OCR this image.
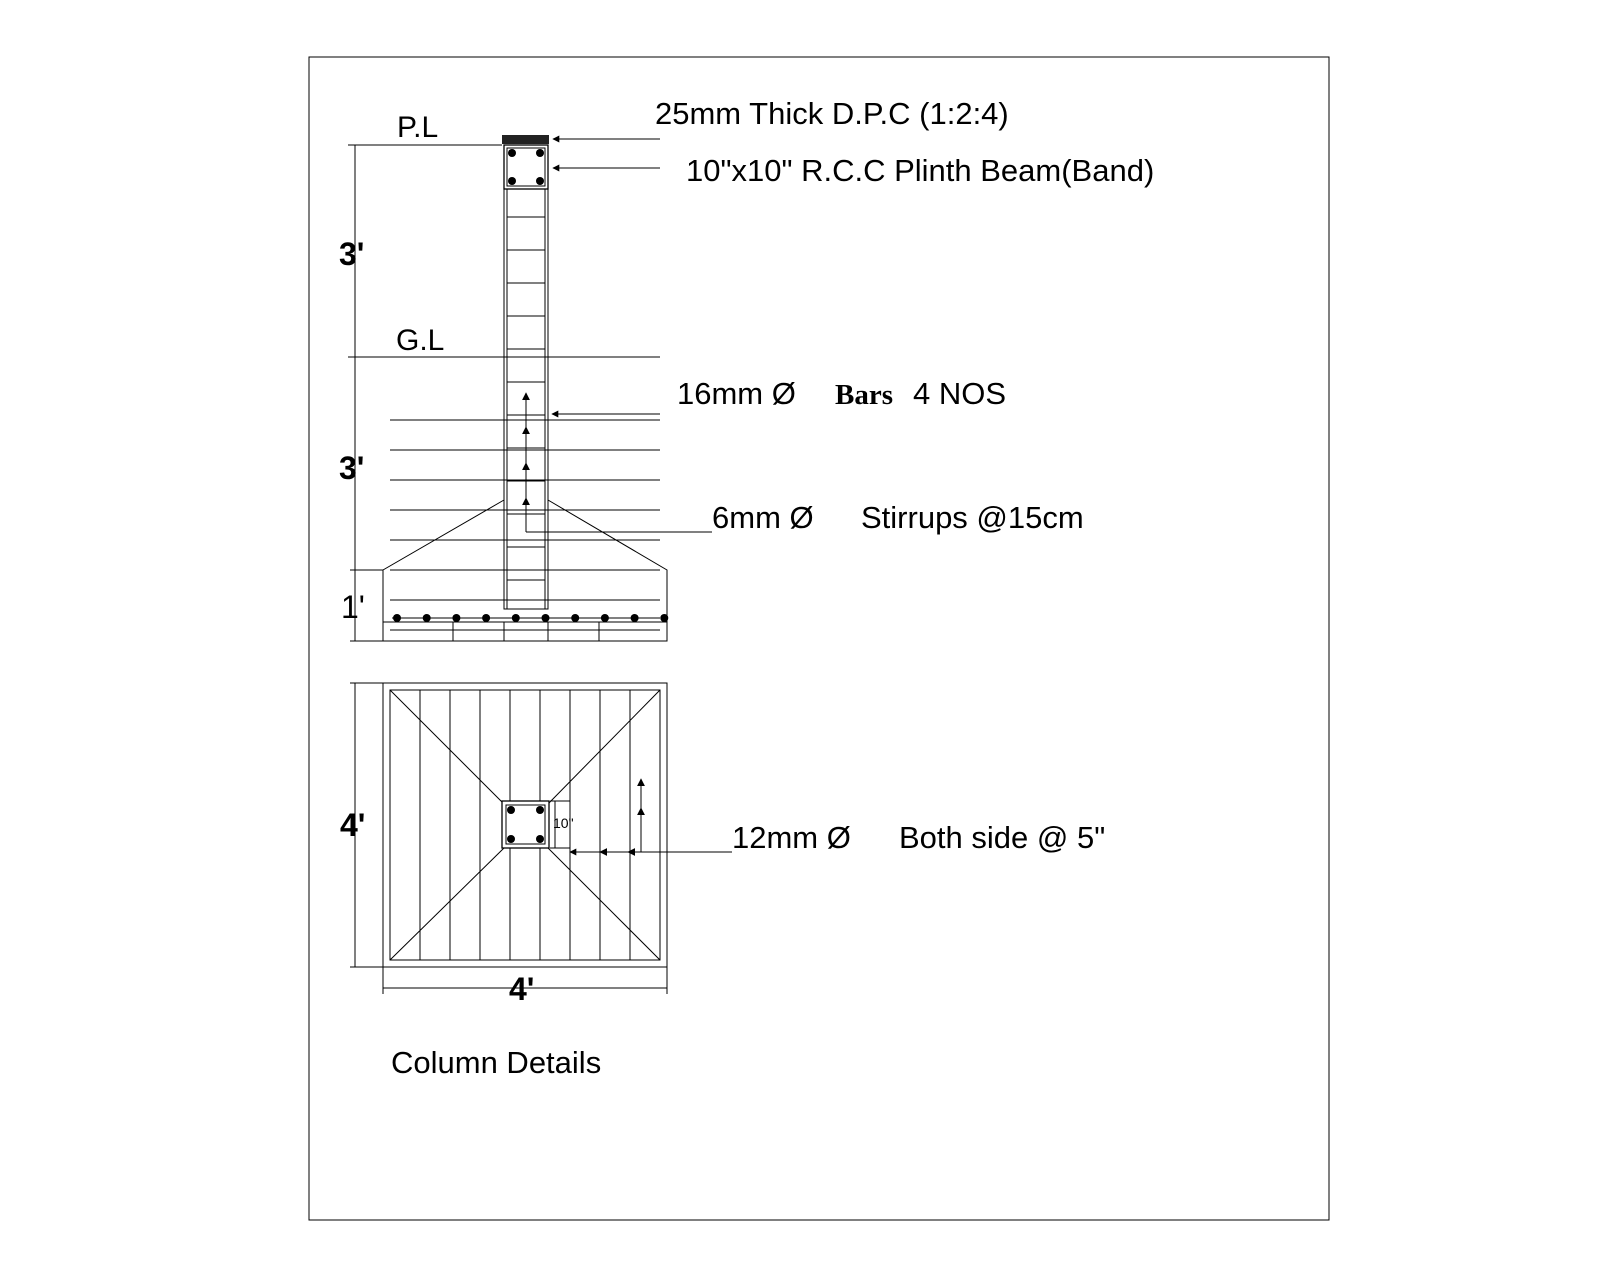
P.L
G.L
3'
3'
1'
10"
4'
4'
25mm Thick D.P.C (1:2:4)
10"x10" R.C.C Plinth Beam(Band)
16mm Ø Bars 4 NOS
6mm Ø Stirrups @15cm
12mm Ø Both side @ 5"
Column Details
